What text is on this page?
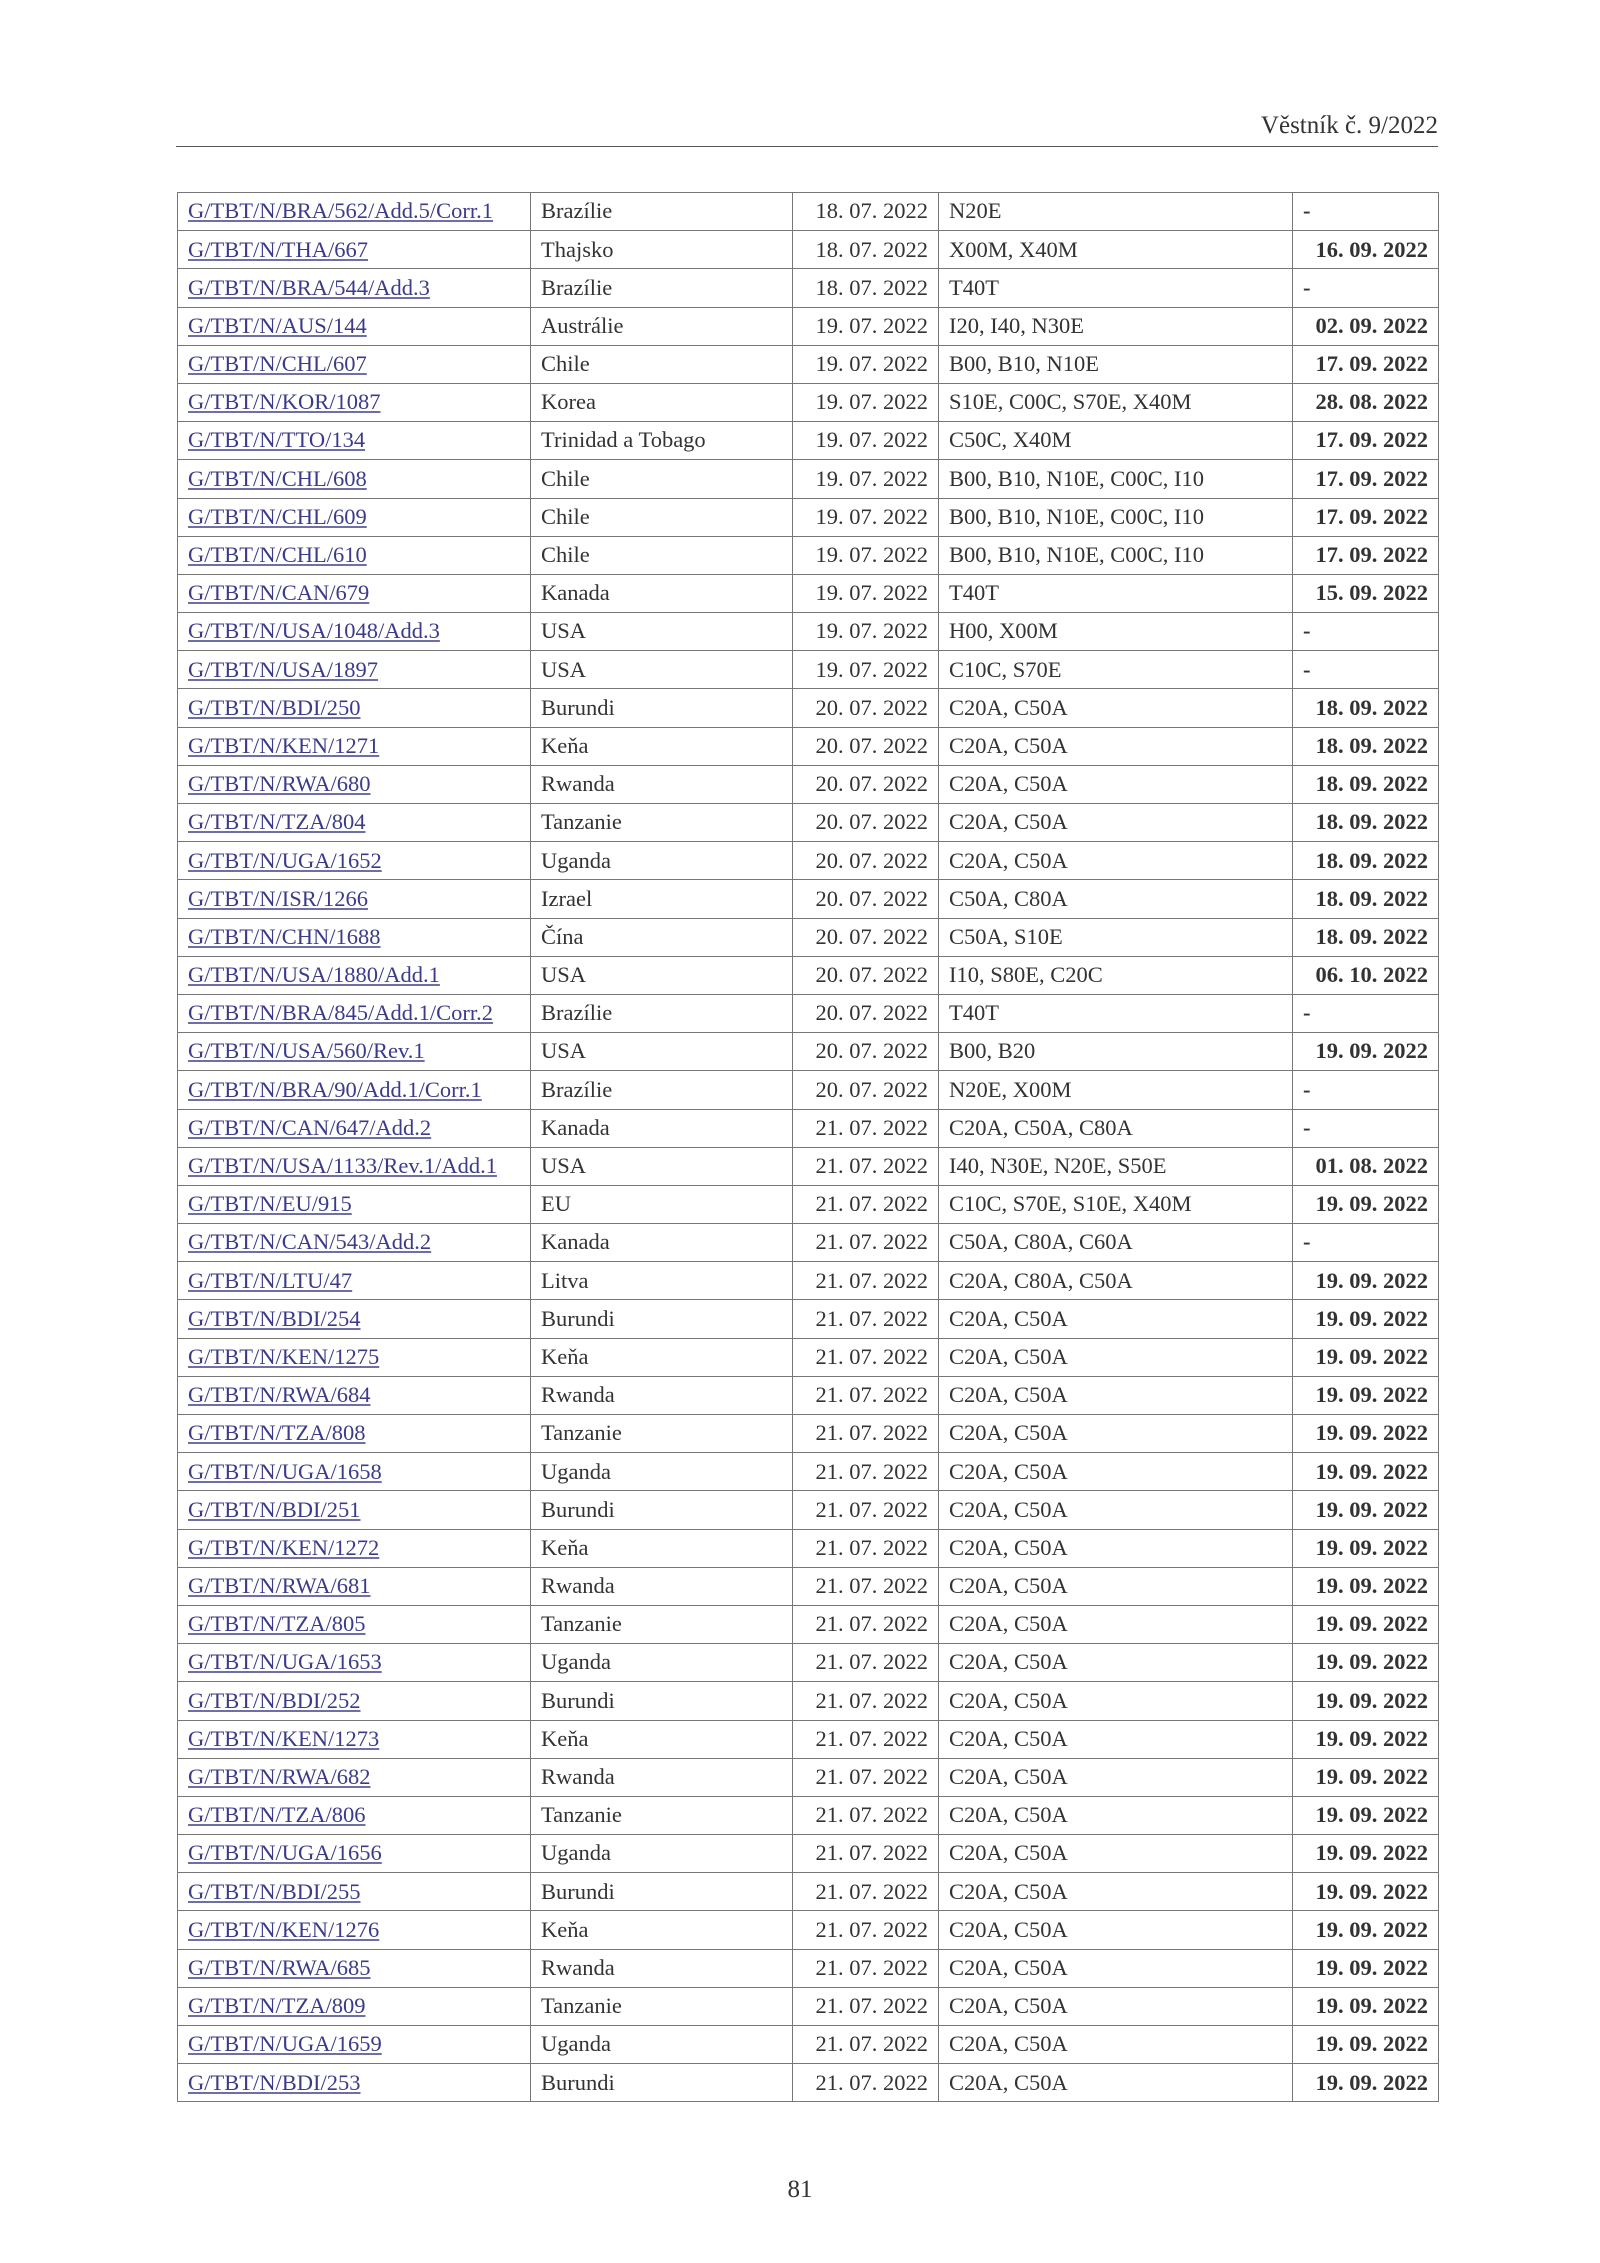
Věstník č. 9/2022
G/TBT/N/BRA/562/Add.5/Corr.1	Brazílie	18. 07. 2022	N20E	-
G/TBT/N/THA/667	Thajsko	18. 07. 2022	X00M, X40M	16. 09. 2022
G/TBT/N/BRA/544/Add.3	Brazílie	18. 07. 2022	T40T	-
G/TBT/N/AUS/144	Austrálie	19. 07. 2022	I20, I40, N30E	02. 09. 2022
G/TBT/N/CHL/607	Chile	19. 07. 2022	B00, B10, N10E	17. 09. 2022
G/TBT/N/KOR/1087	Korea	19. 07. 2022	S10E, C00C, S70E, X40M	28. 08. 2022
G/TBT/N/TTO/134	Trinidad a Tobago	19. 07. 2022	C50C, X40M	17. 09. 2022
G/TBT/N/CHL/608	Chile	19. 07. 2022	B00, B10, N10E, C00C, I10	17. 09. 2022
G/TBT/N/CHL/609	Chile	19. 07. 2022	B00, B10, N10E, C00C, I10	17. 09. 2022
G/TBT/N/CHL/610	Chile	19. 07. 2022	B00, B10, N10E, C00C, I10	17. 09. 2022
G/TBT/N/CAN/679	Kanada	19. 07. 2022	T40T	15. 09. 2022
G/TBT/N/USA/1048/Add.3	USA	19. 07. 2022	H00, X00M	-
G/TBT/N/USA/1897	USA	19. 07. 2022	C10C, S70E	-
G/TBT/N/BDI/250	Burundi	20. 07. 2022	C20A, C50A	18. 09. 2022
G/TBT/N/KEN/1271	Keňa	20. 07. 2022	C20A, C50A	18. 09. 2022
G/TBT/N/RWA/680	Rwanda	20. 07. 2022	C20A, C50A	18. 09. 2022
G/TBT/N/TZA/804	Tanzanie	20. 07. 2022	C20A, C50A	18. 09. 2022
G/TBT/N/UGA/1652	Uganda	20. 07. 2022	C20A, C50A	18. 09. 2022
G/TBT/N/ISR/1266	Izrael	20. 07. 2022	C50A, C80A	18. 09. 2022
G/TBT/N/CHN/1688	Čína	20. 07. 2022	C50A, S10E	18. 09. 2022
G/TBT/N/USA/1880/Add.1	USA	20. 07. 2022	I10, S80E, C20C	06. 10. 2022
G/TBT/N/BRA/845/Add.1/Corr.2	Brazílie	20. 07. 2022	T40T	-
G/TBT/N/USA/560/Rev.1	USA	20. 07. 2022	B00, B20	19. 09. 2022
G/TBT/N/BRA/90/Add.1/Corr.1	Brazílie	20. 07. 2022	N20E, X00M	-
G/TBT/N/CAN/647/Add.2	Kanada	21. 07. 2022	C20A, C50A, C80A	-
G/TBT/N/USA/1133/Rev.1/Add.1	USA	21. 07. 2022	I40, N30E, N20E, S50E	01. 08. 2022
G/TBT/N/EU/915	EU	21. 07. 2022	C10C, S70E, S10E, X40M	19. 09. 2022
G/TBT/N/CAN/543/Add.2	Kanada	21. 07. 2022	C50A, C80A, C60A	-
G/TBT/N/LTU/47	Litva	21. 07. 2022	C20A, C80A, C50A	19. 09. 2022
G/TBT/N/BDI/254	Burundi	21. 07. 2022	C20A, C50A	19. 09. 2022
G/TBT/N/KEN/1275	Keňa	21. 07. 2022	C20A, C50A	19. 09. 2022
G/TBT/N/RWA/684	Rwanda	21. 07. 2022	C20A, C50A	19. 09. 2022
G/TBT/N/TZA/808	Tanzanie	21. 07. 2022	C20A, C50A	19. 09. 2022
G/TBT/N/UGA/1658	Uganda	21. 07. 2022	C20A, C50A	19. 09. 2022
G/TBT/N/BDI/251	Burundi	21. 07. 2022	C20A, C50A	19. 09. 2022
G/TBT/N/KEN/1272	Keňa	21. 07. 2022	C20A, C50A	19. 09. 2022
G/TBT/N/RWA/681	Rwanda	21. 07. 2022	C20A, C50A	19. 09. 2022
G/TBT/N/TZA/805	Tanzanie	21. 07. 2022	C20A, C50A	19. 09. 2022
G/TBT/N/UGA/1653	Uganda	21. 07. 2022	C20A, C50A	19. 09. 2022
G/TBT/N/BDI/252	Burundi	21. 07. 2022	C20A, C50A	19. 09. 2022
G/TBT/N/KEN/1273	Keňa	21. 07. 2022	C20A, C50A	19. 09. 2022
G/TBT/N/RWA/682	Rwanda	21. 07. 2022	C20A, C50A	19. 09. 2022
G/TBT/N/TZA/806	Tanzanie	21. 07. 2022	C20A, C50A	19. 09. 2022
G/TBT/N/UGA/1656	Uganda	21. 07. 2022	C20A, C50A	19. 09. 2022
G/TBT/N/BDI/255	Burundi	21. 07. 2022	C20A, C50A	19. 09. 2022
G/TBT/N/KEN/1276	Keňa	21. 07. 2022	C20A, C50A	19. 09. 2022
G/TBT/N/RWA/685	Rwanda	21. 07. 2022	C20A, C50A	19. 09. 2022
G/TBT/N/TZA/809	Tanzanie	21. 07. 2022	C20A, C50A	19. 09. 2022
G/TBT/N/UGA/1659	Uganda	21. 07. 2022	C20A, C50A	19. 09. 2022
G/TBT/N/BDI/253	Burundi	21. 07. 2022	C20A, C50A	19. 09. 2022
81
